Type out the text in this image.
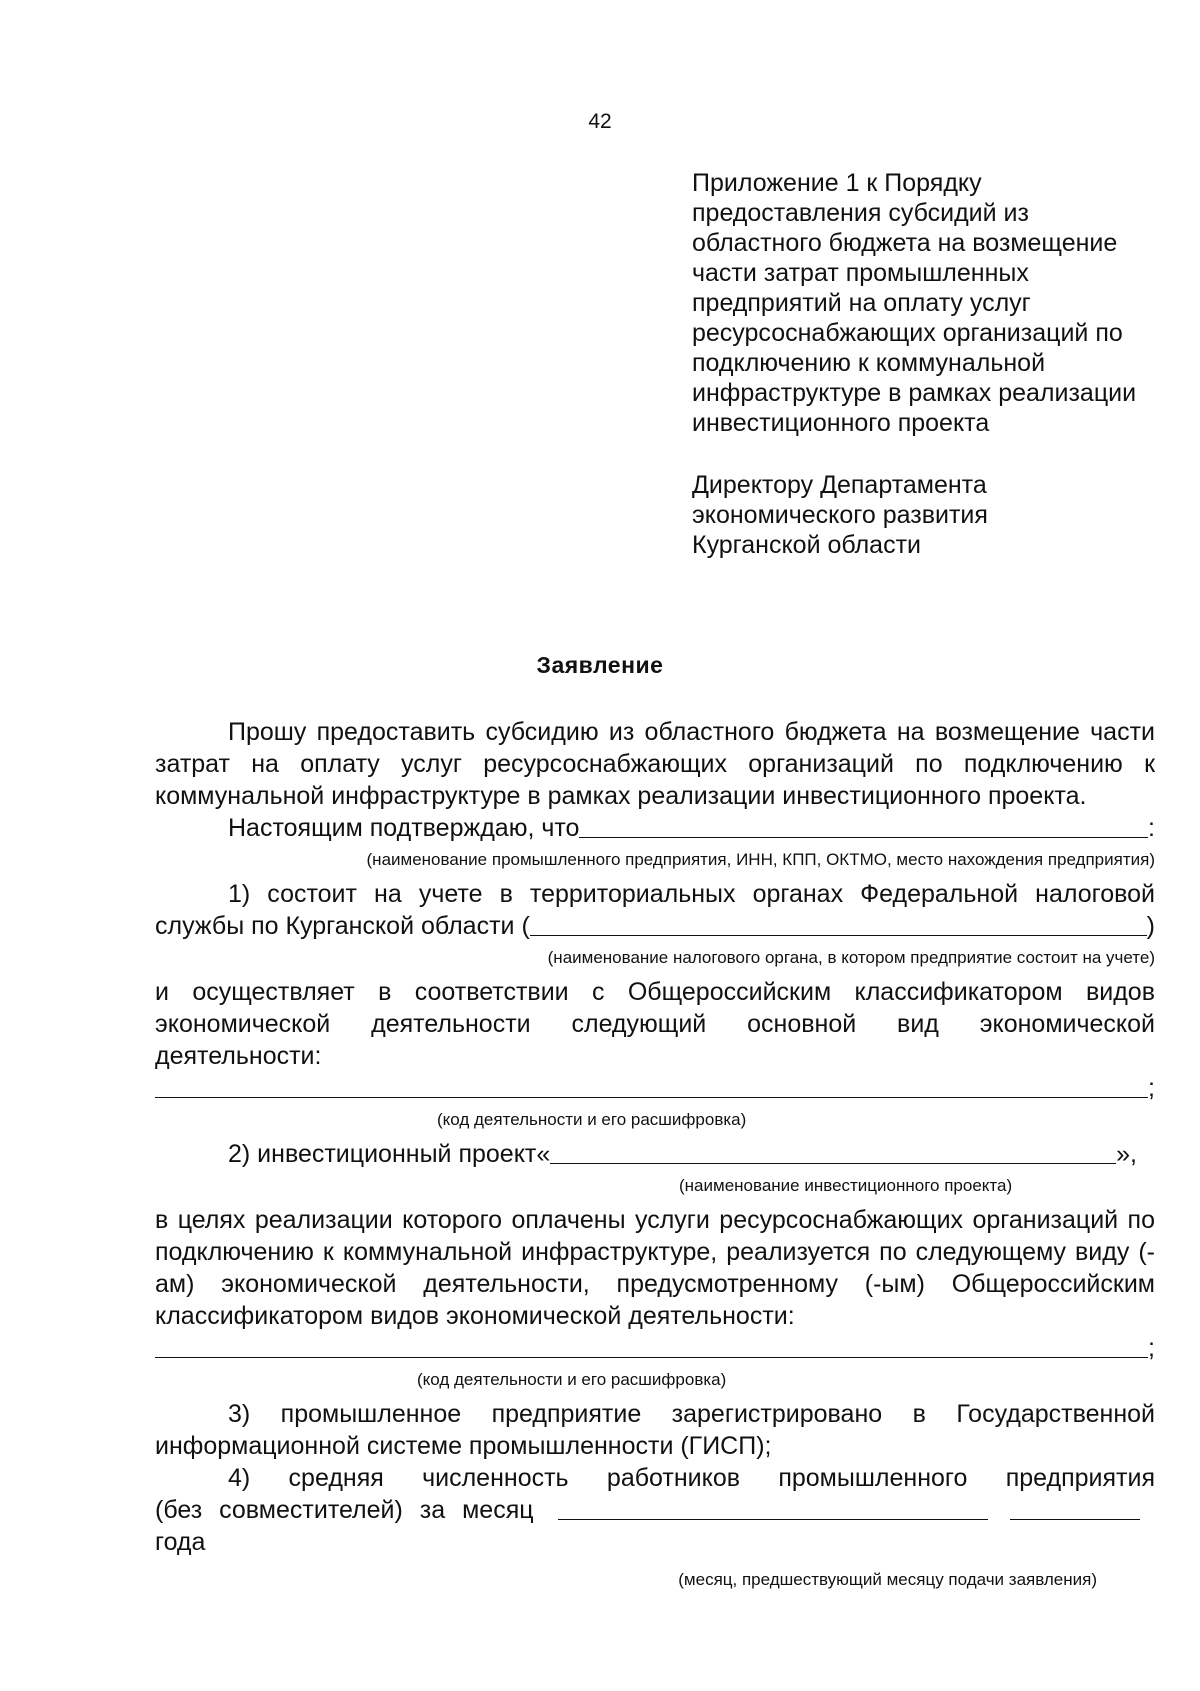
42
Приложение 1 к Порядку
предоставления субсидий из
областного бюджета на возмещение
части затрат промышленных
предприятий на оплату услуг
ресурсоснабжающих организаций по
подключению к коммунальной
инфраструктуре в рамках реализации
инвестиционного проекта
Директору Департамента
экономического развития
Курганской области
Заявление
Прошу предоставить субсидию из областного бюджета на возмещение части затрат на оплату услуг ресурсоснабжающих организаций по подключению к коммунальной инфраструктуре в рамках реализации инвестиционного проекта.
Настоящим подтверждаю, что	:
(наименование промышленного предприятия, ИНН, КПП, ОКТМО, место нахождения предприятия)
1) состоит на учете в территориальных органах Федеральной налоговой
службы по Курганской области (	)
(наименование налогового органа, в котором предприятие состоит на учете)
и осуществляет в соответствии с Общероссийским классификатором видов
экономической деятельности следующий основной вид экономической
деятельности:
;
(код деятельности и его расшифровка)
2) инвестиционный проект«	»,
(наименование инвестиционного проекта)
в целях реализации которого оплачены услуги ресурсоснабжающих организаций по подключению к коммунальной инфраструктуре, реализуется по следующему виду (-ам) экономической деятельности, предусмотренному (-ым) Общероссийским классификатором видов экономической деятельности:
;
(код деятельности и его расшифровка)
3) промышленное предприятие зарегистрировано в Государственной информационной системе промышленности (ГИСП);
4) средняя численность работников промышленного предприятия
(без совместителей) за месяц
года
(месяц, предшествующий месяцу подачи заявления)
